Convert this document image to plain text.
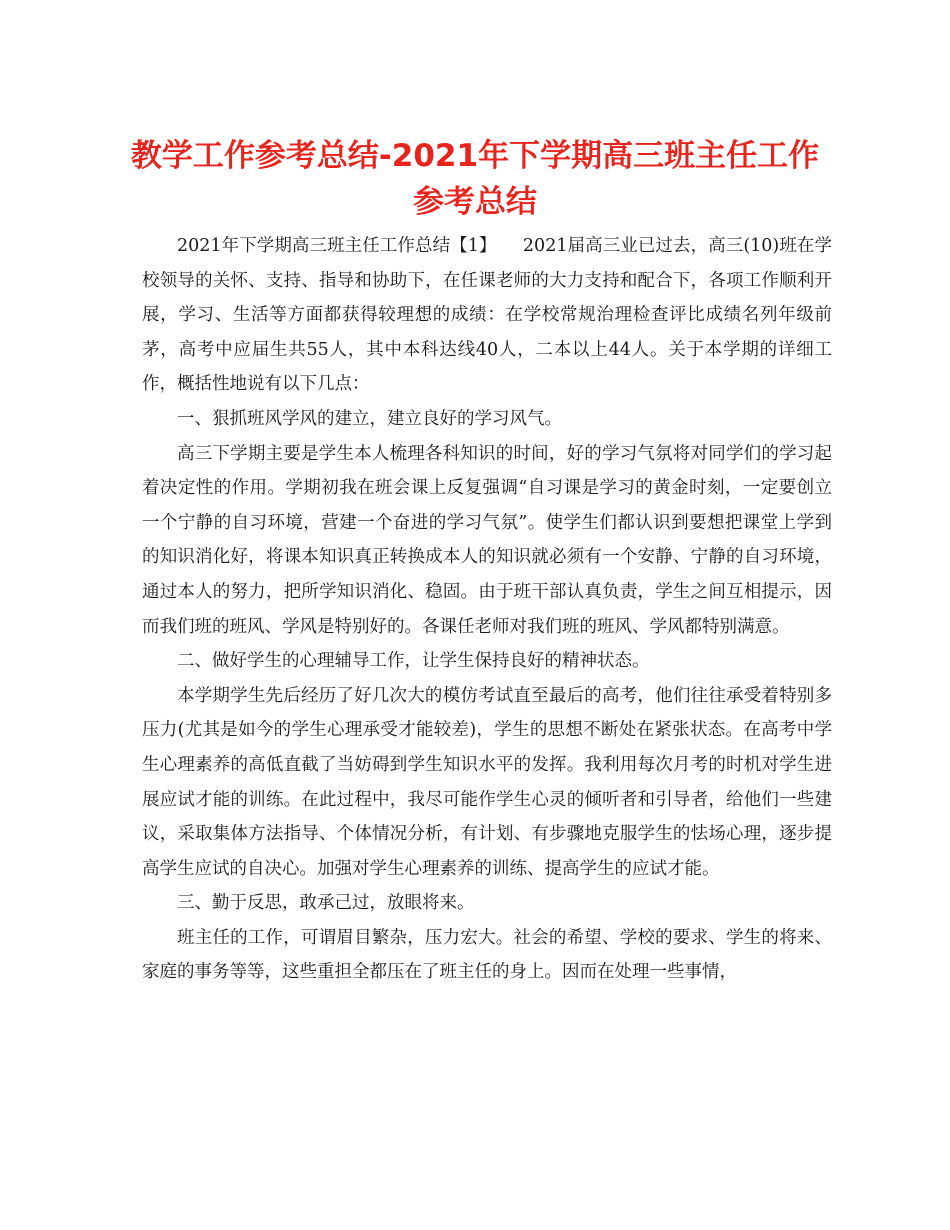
教学工作参考总结-2021年下学期高三班主任工作参考总结

2021年下学期高三班主任工作总结【1】　　2021届高三业已过去，高三(10)班在学校领导的关怀、支持、指导和协助下，在任课老师的大力支持和配合下，各项工作顺利开展，学习、生活等方面都获得较理想的成绩：在学校常规治理检查评比成绩名列年级前茅，高考中应届生共55人，其中本科达线40人，二本以上44人。关于本学期的详细工作，概括性地说有以下几点：

一、狠抓班风学风的建立，建立良好的学习风气。

高三下学期主要是学生本人梳理各科知识的时间，好的学习气氛将对同学们的学习起着决定性的作用。学期初我在班会课上反复强调“自习课是学习的黄金时刻，一定要创立一个宁静的自习环境，营建一个奋进的学习气氛”。使学生们都认识到要想把课堂上学到的知识消化好，将课本知识真正转换成本人的知识就必须有一个安静、宁静的自习环境，通过本人的努力，把所学知识消化、稳固。由于班干部认真负责，学生之间互相提示，因而我们班的班风、学风是特别好的。各课任老师对我们班的班风、学风都特别满意。

二、做好学生的心理辅导工作，让学生保持良好的精神状态。

本学期学生先后经历了好几次大的模仿考试直至最后的高考，他们往往承受着特别多压力(尤其是如今的学生心理承受才能较差)，学生的思想不断处在紧张状态。在高考中学生心理素养的高低直截了当妨碍到学生知识水平的发挥。我利用每次月考的时机对学生进展应试才能的训练。在此过程中，我尽可能作学生心灵的倾听者和引导者，给他们一些建议，采取集体方法指导、个体情况分析，有计划、有步骤地克服学生的怯场心理，逐步提高学生应试的自决心。加强对学生心理素养的训练、提高学生的应试才能。

三、勤于反思，敢承己过，放眼将来。

班主任的工作，可谓眉目繁杂，压力宏大。社会的希望、学校的要求、学生的将来、家庭的事务等等，这些重担全都压在了班主任的身上。因而在处理一些事情，
